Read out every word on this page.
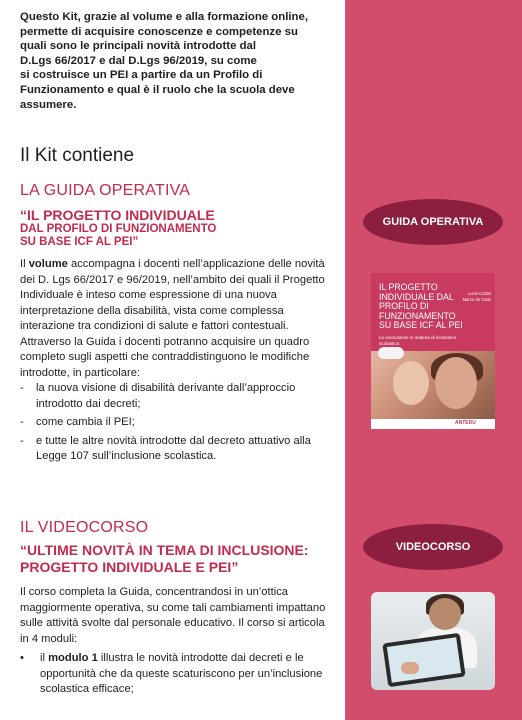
Questo Kit, grazie al volume e alla formazione online,
permette di acquisire conoscenze e competenze su
quali sono le principali novità introdotte dal
D.Lgs 66/2017 e dal D.Lgs 96/2019, su come
si costruisce un PEI a partire da un Profilo di
Funzionamento e qual è il ruolo che la scuola deve
assumere.
Il Kit contiene
LA GUIDA OPERATIVA
“IL PROGETTO INDIVIDUALE
DAL PROFILO DI FUNZIONAMENTO
SU BASE ICF AL PEI”

Il volume accompagna i docenti nell’applicazione delle novità dei D. Lgs 66/2017 e 96/2019, nell’ambito dei quali il Progetto Individuale è inteso come espressione di una nuova interpretazione della disabilità, vista come complessa interazione tra condizioni di salute e fattori contestuali.

Attraverso la Guida i docenti potranno acquisire un quadro completo sugli aspetti che contraddistinguono le modifiche introdotte, in particolare:

- la nuova visione di disabilità derivante dall’approccio introdotto dai decreti;
- come cambia il PEI;
- e tutte le altre novità introdotte dal decreto attuativo alla Legge 107 sull’inclusione scolastica.
IL VIDEOCORSO
“ULTIME NOVITÀ IN TEMA DI INCLUSIONE:
PROGETTO INDIVIDUALE E PEI”

Il corso completa la Guida, concentrandosi in un’ottica maggiormente operativa, su come tali cambiamenti impattano sulle attività svolte dal personale educativo. Il corso si articola in 4 moduli:

• il modulo 1 illustra le novità introdotte dai decreti e le opportunità che da queste scaturiscono per un’inclusione scolastica efficace;
GUIDA OPERATIVA
IL PROGETTO INDIVIDUALE DAL PROFILO DI FUNZIONAMENTO SU BASE ICF AL PEI
Lucio Cottini Marco de Caris
Le innovazioni in materia di inclusione scolastica
ANTEDU
VIDEOCORSO
